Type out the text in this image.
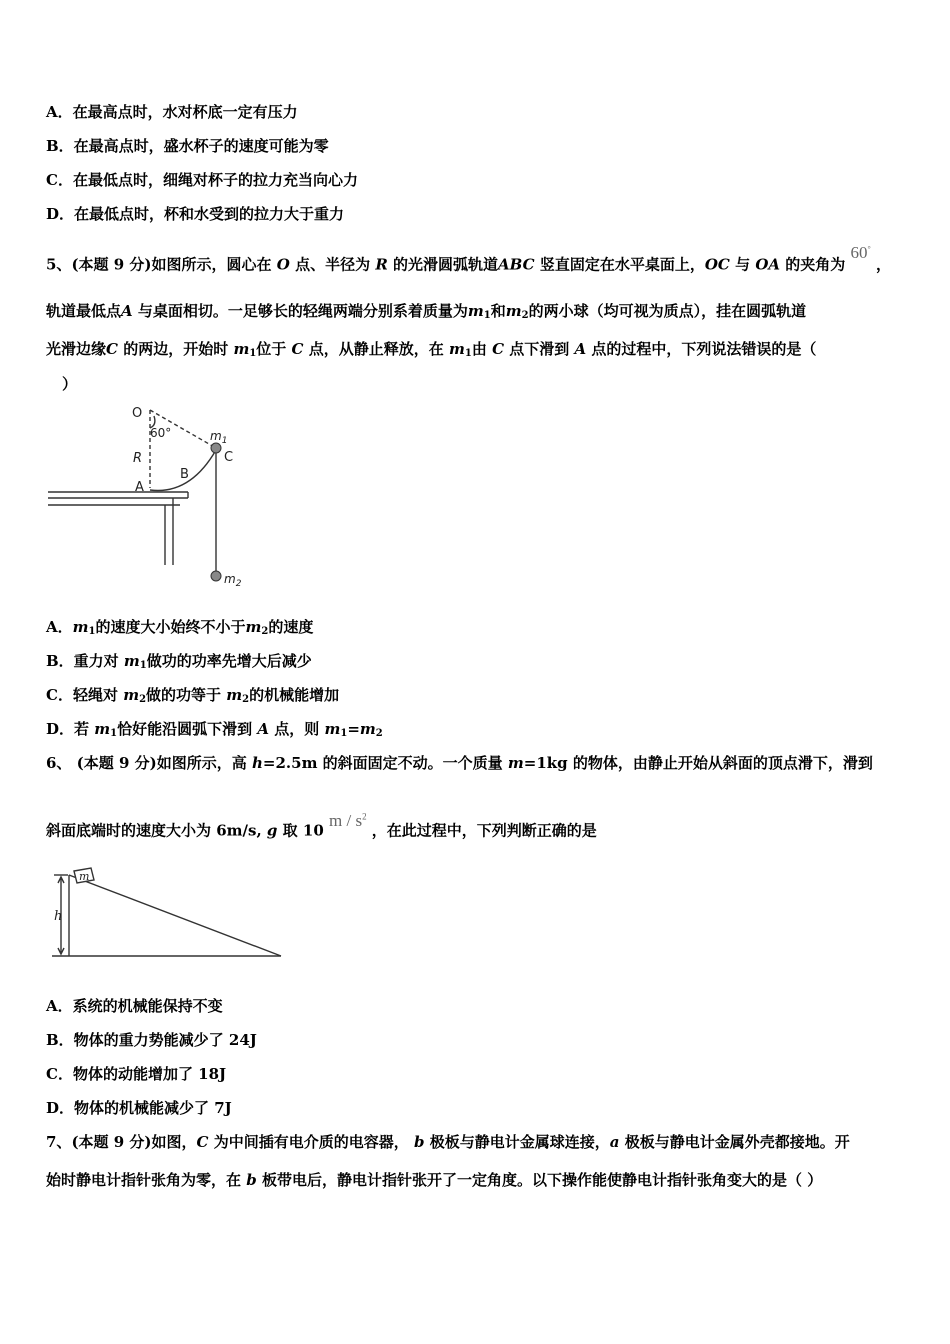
A．在最高点时，水对杯底一定有压力
B．在最高点时，盛水杯子的速度可能为零
C．在最低点时，细绳对杯子的拉力充当向心力
D．在最低点时，杯和水受到的拉力大于重力
5、(本题 9 分)如图所示，圆心在 O 点、半径为 R 的光滑圆弧轨道ABC 竖直固定在水平桌面上，OC 与 OA 的夹角为 60° ，
轨道最低点A 与桌面相切。一足够长的轻绳两端分别系着质量为$m_1$和$m_2$的两小球（均可视为质点），挂在圆弧轨道
光滑边缘C 的两边，开始时 $m_1$位于 C 点，从静止释放，在 $m_1$由 C 点下滑到 A 点的过程中，下列说法错误的是（
）
O
60°	$m_1$
C
R
B
A
$m_2$
A．$m_1$的速度大小始终不小于$m_2$的速度
B．重力对 $m_1$做功的功率先增大后减少
C．轻绳对 $m_2$做的功等于 $m_2$的机械能增加
D．若 $m_1$恰好能沿圆弧下滑到 A 点，则 $m_1=m_2$
6、 (本题 9 分)如图所示，高 h=2.5m 的斜面固定不动。一个质量 m=1kg 的物体，由静止开始从斜面的顶点滑下，滑到
斜面底端时的速度大小为 6m/s, g 取 10 m / $s^2$ ，在此过程中，下列判断正确的是
m
h
A．系统的机械能保持不变
B．物体的重力势能减少了 24J
C．物体的动能增加了 18J
D．物体的机械能减少了 7J
7、(本题 9 分)如图，C 为中间插有电介质的电容器， b 极板与静电计金属球连接，a 极板与静电计金属外壳都接地。开
始时静电计指针张角为零，在 b 板带电后，静电计指针张开了一定角度。以下操作能使静电计指针张角变大的是（ ）
